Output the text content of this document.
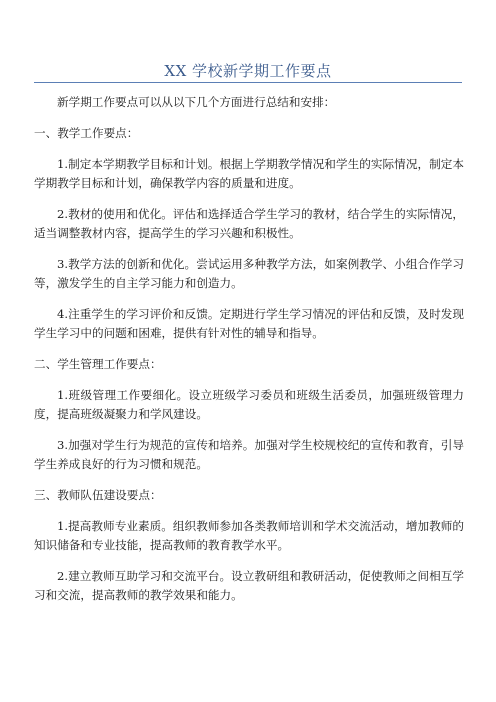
XX 学校新学期工作要点

新学期工作要点可以从以下几个方面进行总结和安排：

一、教学工作要点：

1.制定本学期教学目标和计划。根据上学期教学情况和学生的实际情况，制定本学期教学目标和计划，确保教学内容的质量和进度。

2.教材的使用和优化。评估和选择适合学生学习的教材，结合学生的实际情况，适当调整教材内容，提高学生的学习兴趣和积极性。

3.教学方法的创新和优化。尝试运用多种教学方法，如案例教学、小组合作学习等，激发学生的自主学习能力和创造力。

4.注重学生的学习评价和反馈。定期进行学生学习情况的评估和反馈，及时发现学生学习中的问题和困难，提供有针对性的辅导和指导。

二、学生管理工作要点：

1.班级管理工作要细化。设立班级学习委员和班级生活委员，加强班级管理力度，提高班级凝聚力和学风建设。

3.加强对学生行为规范的宣传和培养。加强对学生校规校纪的宣传和教育，引导学生养成良好的行为习惯和规范。

三、教师队伍建设要点：

1.提高教师专业素质。组织教师参加各类教师培训和学术交流活动，增加教师的知识储备和专业技能，提高教师的教育教学水平。

2.建立教师互助学习和交流平台。设立教研组和教研活动，促使教师之间相互学习和交流，提高教师的教学效果和能力。
